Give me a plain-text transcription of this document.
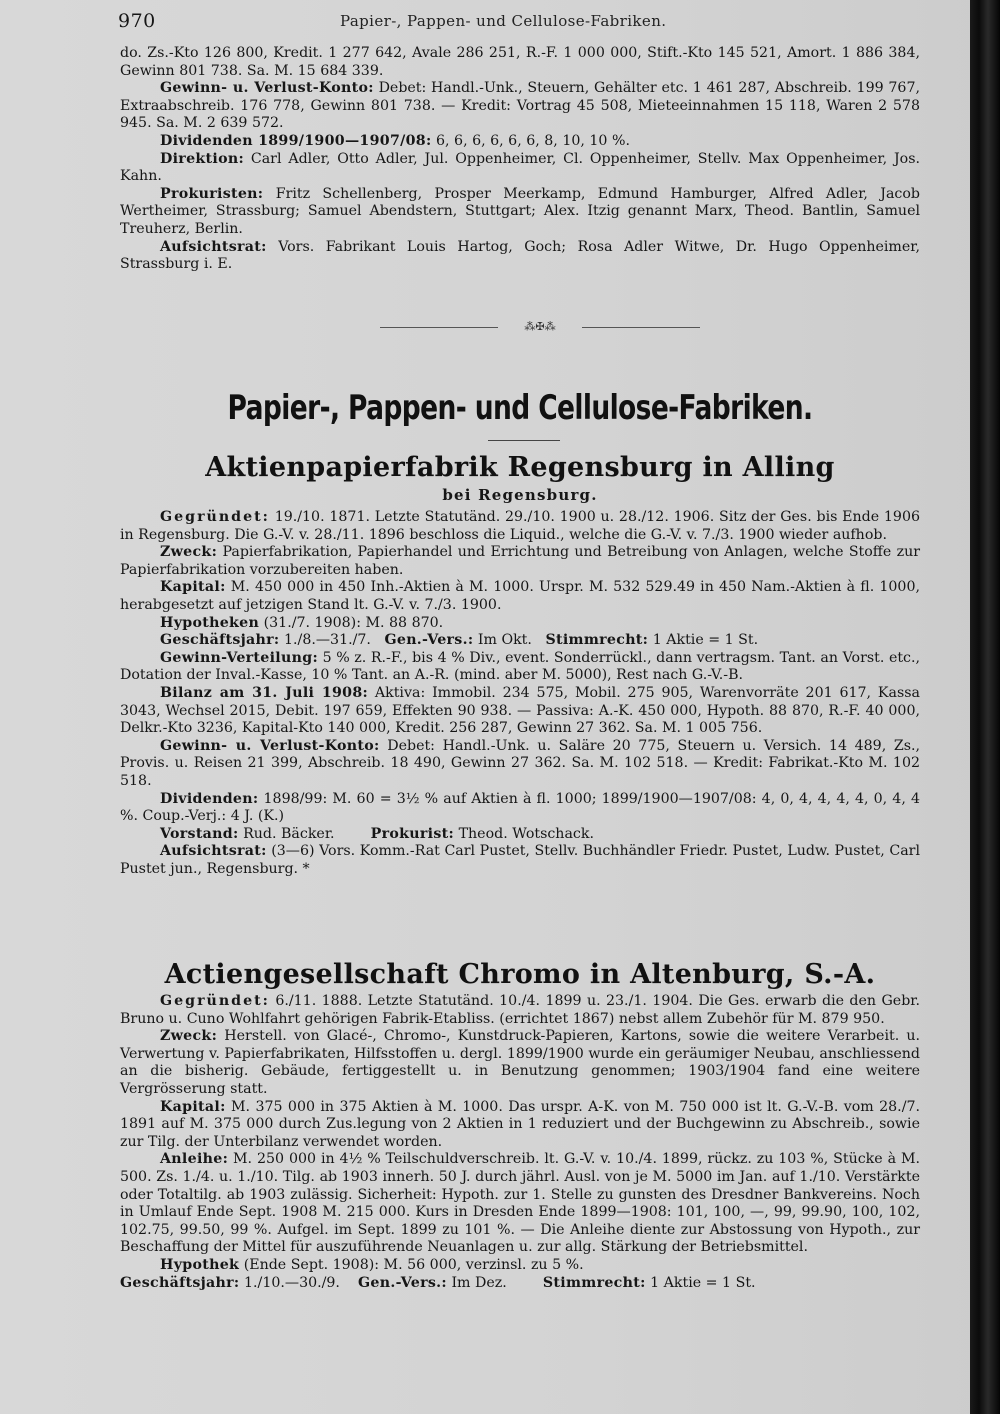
970	Papier-, Pappen- und Cellulose-Fabriken.

do. Zs.-Kto 126 800, Kredit. 1 277 642, Avale 286 251, R.-F. 1 000 000, Stift.-Kto 145 521, Amort. 1 886 384, Gewinn 801 738. Sa. M. 15 684 339.

Gewinn- u. Verlust-Konto: Debet: Handl.-Unk., Steuern, Gehälter etc. 1 461 287, Abschreib. 199 767, Extraabschreib. 176 778, Gewinn 801 738. — Kredit: Vortrag 45 508, Mieteeinnahmen 15 118, Waren 2 578 945. Sa. M. 2 639 572.

Dividenden 1899/1900—1907/08: 6, 6, 6, 6, 6, 6, 8, 10, 10 %.

Direktion: Carl Adler, Otto Adler, Jul. Oppenheimer, Cl. Oppenheimer, Stellv. Max Oppenheimer, Jos. Kahn.

Prokuristen: Fritz Schellenberg, Prosper Meerkamp, Edmund Hamburger, Alfred Adler, Jacob Wertheimer, Strassburg; Samuel Abendstern, Stuttgart; Alex. Itzig genannt Marx, Theod. Bantlin, Samuel Treuherz, Berlin.

Aufsichtsrat: Vors. Fabrikant Louis Hartog, Goch; Rosa Adler Witwe, Dr. Hugo Oppenheimer, Strassburg i. E.

⁂✠⁂
Papier-, Pappen- und Cellulose-Fabriken.
Aktienpapierfabrik Regensburg in Alling
bei Regensburg.

Gegründet: 19./10. 1871. Letzte Statutänd. 29./10. 1900 u. 28./12. 1906. Sitz der Ges. bis Ende 1906 in Regensburg. Die G.-V. v. 28./11. 1896 beschloss die Liquid., welche die G.-V. v. 7./3. 1900 wieder aufhob.

Zweck: Papierfabrikation, Papierhandel und Errichtung und Betreibung von Anlagen, welche Stoffe zur Papierfabrikation vorzubereiten haben.

Kapital: M. 450 000 in 450 Inh.-Aktien à M. 1000. Urspr. M. 532 529.49 in 450 Nam.-Aktien à fl. 1000, herabgesetzt auf jetzigen Stand lt. G.-V. v. 7./3. 1900.

Hypotheken (31./7. 1908): M. 88 870.

Geschäftsjahr: 1./8.—31./7. Gen.-Vers.: Im Okt. Stimmrecht: 1 Aktie = 1 St.

Gewinn-Verteilung: 5 % z. R.-F., bis 4 % Div., event. Sonderrückl., dann vertragsm. Tant. an Vorst. etc., Dotation der Inval.-Kasse, 10 % Tant. an A.-R. (mind. aber M. 5000), Rest nach G.-V.-B.

Bilanz am 31. Juli 1908: Aktiva: Immobil. 234 575, Mobil. 275 905, Warenvorräte 201 617, Kassa 3043, Wechsel 2015, Debit. 197 659, Effekten 90 938. — Passiva: A.-K. 450 000, Hypoth. 88 870, R.-F. 40 000, Delkr.-Kto 3236, Kapital-Kto 140 000, Kredit. 256 287, Gewinn 27 362. Sa. M. 1 005 756.

Gewinn- u. Verlust-Konto: Debet: Handl.-Unk. u. Saläre 20 775, Steuern u. Versich. 14 489, Zs., Provis. u. Reisen 21 399, Abschreib. 18 490, Gewinn 27 362. Sa. M. 102 518. — Kredit: Fabrikat.-Kto M. 102 518.

Dividenden: 1898/99: M. 60 = 3½ % auf Aktien à fl. 1000; 1899/1900—1907/08: 4, 0, 4, 4, 4, 4, 0, 4, 4 %. Coup.-Verj.: 4 J. (K.)

Vorstand: Rud. Bäcker.	Prokurist: Theod. Wotschack.

Aufsichtsrat: (3—6) Vors. Komm.-Rat Carl Pustet, Stellv. Buchhändler Friedr. Pustet, Ludw. Pustet, Carl Pustet jun., Regensburg. *

Actiengesellschaft Chromo in Altenburg, S.-A.

Gegründet: 6./11. 1888. Letzte Statutänd. 10./4. 1899 u. 23./1. 1904. Die Ges. erwarb die den Gebr. Bruno u. Cuno Wohlfahrt gehörigen Fabrik-Etabliss. (errichtet 1867) nebst allem Zubehör für M. 879 950.

Zweck: Herstell. von Glacé-, Chromo-, Kunstdruck-Papieren, Kartons, sowie die weitere Verarbeit. u. Verwertung v. Papierfabrikaten, Hilfsstoffen u. dergl. 1899/1900 wurde ein geräumiger Neubau, anschliessend an die bisherig. Gebäude, fertiggestellt u. in Benutzung genommen; 1903/1904 fand eine weitere Vergrösserung statt.

Kapital: M. 375 000 in 375 Aktien à M. 1000. Das urspr. A-K. von M. 750 000 ist lt. G.-V.-B. vom 28./7. 1891 auf M. 375 000 durch Zus.legung von 2 Aktien in 1 reduziert und der Buchgewinn zu Abschreib., sowie zur Tilg. der Unterbilanz verwendet worden.

Anleihe: M. 250 000 in 4½ % Teilschuldverschreib. lt. G.-V. v. 10./4. 1899, rückz. zu 103 %, Stücke à M. 500. Zs. 1./4. u. 1./10. Tilg. ab 1903 innerh. 50 J. durch jährl. Ausl. von je M. 5000 im Jan. auf 1./10. Verstärkte oder Totaltilg. ab 1903 zulässig. Sicherheit: Hypoth. zur 1. Stelle zu gunsten des Dresdner Bankvereins. Noch in Umlauf Ende Sept. 1908 M. 215 000. Kurs in Dresden Ende 1899—1908: 101, 100, —, 99, 99.90, 100, 102, 102.75, 99.50, 99 %. Aufgel. im Sept. 1899 zu 101 %. — Die Anleihe diente zur Abstossung von Hypoth., zur Beschaffung der Mittel für auszuführende Neuanlagen u. zur allg. Stärkung der Betriebsmittel.

Hypothek (Ende Sept. 1908): M. 56 000, verzinsl. zu 5 %.

Geschäftsjahr: 1./10.—30./9. Gen.-Vers.: Im Dez.	Stimmrecht: 1 Aktie = 1 St.
